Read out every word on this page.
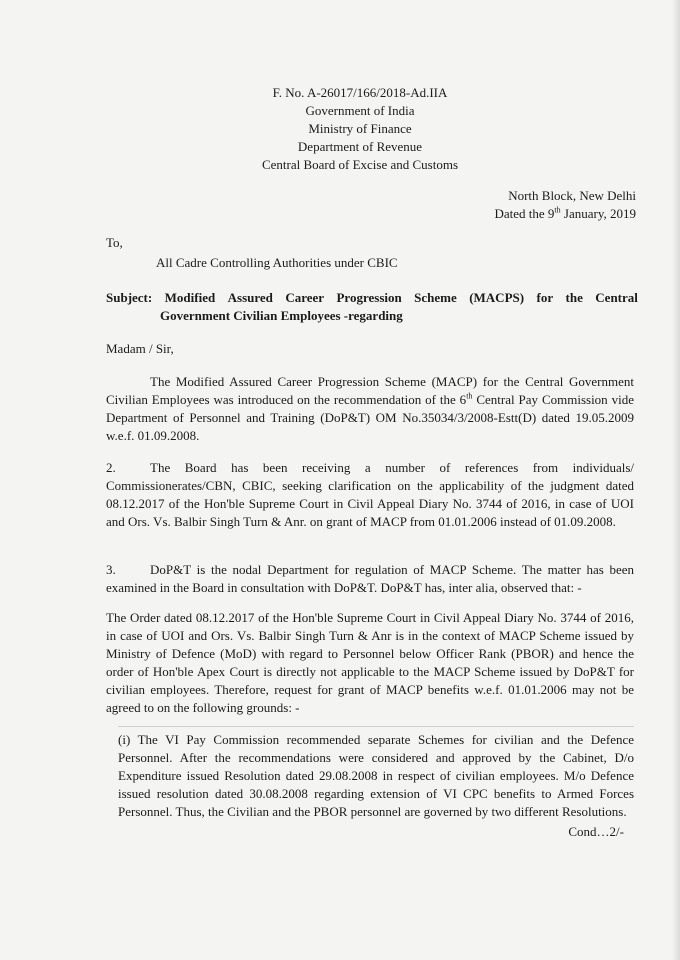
F. No. A-26017/166/2018-Ad.IIA
Government of India
Ministry of Finance
Department of Revenue
Central Board of Excise and Customs
North Block, New Delhi
Dated the 9th January, 2019
To,
All Cadre Controlling Authorities under CBIC
Subject: Modified Assured Career Progression Scheme (MACPS) for the Central
Government Civilian Employees -regarding
Madam / Sir,
The Modified Assured Career Progression Scheme (MACP) for the Central Government Civilian Employees was introduced on the recommendation of the 6th Central Pay Commission vide Department of Personnel and Training (DoP&T) OM No.35034/3/2008-Estt(D) dated 19.05.2009 w.e.f. 01.09.2008.
2.	The Board has been receiving a number of references from individuals/ Commissionerates/CBN, CBIC, seeking clarification on the applicability of the judgment dated 08.12.2017 of the Hon'ble Supreme Court in Civil Appeal Diary No. 3744 of 2016, in case of UOI and Ors. Vs. Balbir Singh Turn & Anr. on grant of MACP from 01.01.2006 instead of 01.09.2008.
3.	DoP&T is the nodal Department for regulation of MACP Scheme. The matter has been examined in the Board in consultation with DoP&T. DoP&T has, inter alia, observed that: -
The Order dated 08.12.2017 of the Hon'ble Supreme Court in Civil Appeal Diary No. 3744 of 2016, in case of UOI and Ors. Vs. Balbir Singh Turn & Anr is in the context of MACP Scheme issued by Ministry of Defence (MoD) with regard to Personnel below Officer Rank (PBOR) and hence the order of Hon'ble Apex Court is directly not applicable to the MACP Scheme issued by DoP&T for civilian employees. Therefore, request for grant of MACP benefits w.e.f. 01.01.2006 may not be agreed to on the following grounds: -
(i) The VI Pay Commission recommended separate Schemes for civilian and the Defence Personnel. After the recommendations were considered and approved by the Cabinet, D/o Expenditure issued Resolution dated 29.08.2008 in respect of civilian employees. M/o Defence issued resolution dated 30.08.2008 regarding extension of VI CPC benefits to Armed Forces Personnel. Thus, the Civilian and the PBOR personnel are governed by two different Resolutions.
Cond…2/-
